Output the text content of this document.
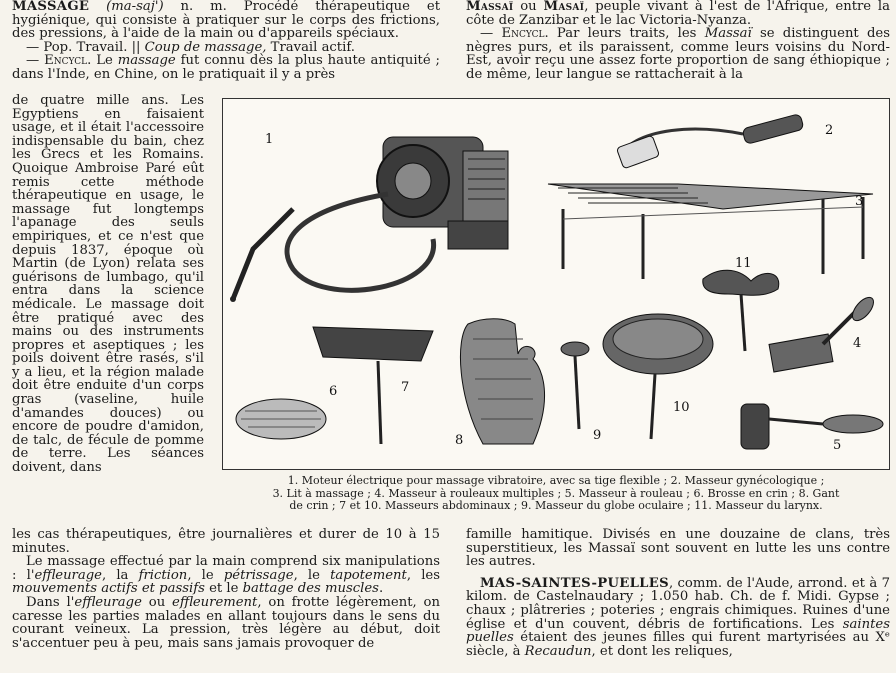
MASSAGE (ma-saj') n. m. Procédé thérapeutique et hygiénique, qui consiste à pratiquer sur le corps des frictions, des pressions, à l'aide de la main ou d'appareils spéciaux.

— Pop. Travail. || Coup de massage, Travail actif.

— Encycl. Le massage fut connu dès la plus haute antiquité ; dans l'Inde, en Chine, on le pratiquait il y a près

de quatre mille ans. Les Egyptiens en faisaient usage, et il était l'accessoire indispensable du bain, chez les Grecs et les Romains. Quoique Ambroise Paré eût remis cette méthode thérapeutique en usage, le massage fut longtemps l'apanage des seuls empiriques, et ce n'est que depuis 1837, époque où Martin (de Lyon) relata ses guérisons de lumbago, qu'il entra dans la science médicale. Le massage doit être pratiqué avec des mains ou des instruments propres et aseptiques ; les poils doivent être rasés, s'il y a lieu, et la région malade doit être enduite d'un corps gras (vaseline, huile d'amandes douces) ou encore de poudre d'amidon, de talc, de fécule de pomme de terre. Les séances doivent, dans

les cas thérapeutiques, être journalières et durer de 10 à 15 minutes.

Le massage effectué par la main comprend six manipulations : l'effleurage, la friction, le pétrissage, le tapotement, les mouvements actifs et passifs et le battage des muscles.

Dans l'effleurage ou effleurement, on frotte légèrement, on caresse les parties malades en allant toujours dans le sens du courant veineux. La pression, très légère au début, doit s'accentuer peu à peu, mais sans jamais provoquer de

Massaï ou Masaï, peuple vivant à l'est de l'Afrique, entre la côte de Zanzibar et le lac Victoria-Nyanza.

— Encycl. Par leurs traits, les Massaï se distinguent des nègres purs, et ils paraissent, comme leurs voisins du Nord-Est, avoir reçu une assez forte proportion de sang éthiopique ; de même, leur langue se rattacherait à la

1
2
3
4
5
6	7
8	9
10
11
1. Moteur électrique pour massage vibratoire, avec sa tige flexible ; 2. Masseur gynécologique ;
3. Lit à massage ; 4. Masseur à rouleaux multiples ; 5. Masseur à rouleau ; 6. Brosse en crin ; 8. Gant
de crin ; 7 et 10. Masseurs abdominaux ; 9. Masseur du globe oculaire ; 11. Masseur du larynx.

famille hamitique. Divisés en une douzaine de clans, très superstitieux, les Massaï sont souvent en lutte les uns contre les autres.

MAS-SAINTES-PUELLES, comm. de l'Aude, arrond. et à 7 kilom. de Castelnaudary ; 1.050 hab. Ch. de f. Midi. Gypse ; chaux ; plâtreries ; poteries ; engrais chimiques. Ruines d'une église et d'un couvent, débris de fortifications. Les saintes puelles étaient des jeunes filles qui furent martyrisées au Xᵉ siècle, à Recaudun, et dont les reliques,
